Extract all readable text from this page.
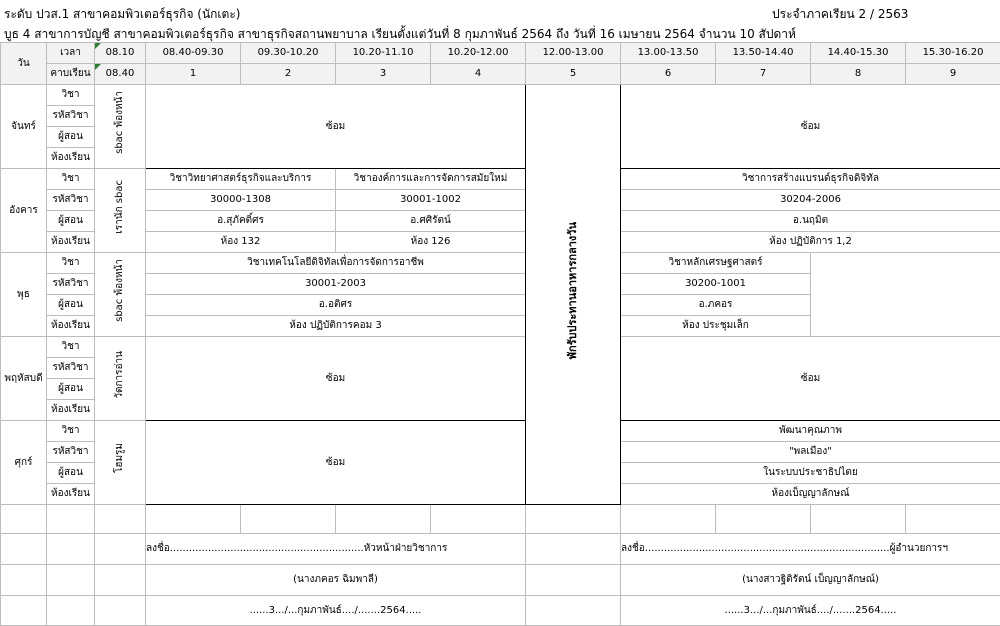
ระดับ ปวส.1 สาขาคอมพิวเตอร์ธุรกิจ (นักเตะ)	ประจำภาคเรียน 2 / 2563
บูธ 4 สาขาการบัญชี สาขาคอมพิวเตอร์ธุรกิจ สาขาธุรกิจสถานพยาบาล เรียนตั้งแต่วันที่ 8 กุมภาพันธ์ 2564 ถึง วันที่ 16 เมษายน 2564 จำนวน 10 สัปดาห์
วัน	เวลา	08.10	08.40-09.30	09.30-10.20	10.20-11.10	10.20-12.00	12.00-13.00	13.00-13.50	13.50-14.40	14.40-15.30	15.30-16.20
	คาบเรียน	08.40	1	2	3	4	5	6	7	8	9
จันทร์	วิชา	sbac พ้องหน้า	ซ้อม				พักรับประทานอาหารกลางวัน	ซ้อม			
	รหัสวิชา										
	ผู้สอน										
	ห้องเรียน										
อังคาร	วิชา	เรานัก sbac	วิชาวิทยาศาสตร์ธุรกิจและบริการ		วิชาองค์การและการจัดการสมัยใหม่			วิชาการสร้างแบรนด์ธุรกิจดิจิทัล			
	รหัสวิชา		30000-1308		30001-1002			30204-2006			
	ผู้สอน		อ.สุภัคติ์ศร		อ.ศศิรัตน์			อ.นฤมิต			
	ห้องเรียน		ห้อง 132		ห้อง 126			ห้อง ปฏิบัติการ 1,2			
พุธ	วิชา	sbac พ้องหน้า	วิชาเทคโนโลยีดิจิทัลเพื่อการจัดการอาชีพ					วิชาหลักเศรษฐศาสตร์			
	รหัสวิชา		30001-2003					30200-1001			
	ผู้สอน		อ.อติศร					อ.ภคอร			
	ห้องเรียน		ห้อง ปฏิบัติการคอม 3					ห้อง ประชุมเล็ก			
พฤหัสบดี	วิชา	วัดการอ่าน	ซ้อม					ซ้อม			
	รหัสวิชา										
	ผู้สอน										
	ห้องเรียน										
ศุกร์	วิชา	โฮมรูม	ซ้อม					พัฒนาคุณภาพ			
	รหัสวิชา							"พลเมือง"			
	ผู้สอน							ในระบบประชาธิปไตย			
	ห้องเรียน							ห้องเบ็ญญาลักษณ์			

			ลงชื่อ.............................................................หัวหน้าฝ่ายวิชาการ					ลงชื่อ.............................................................................ผู้อำนวยการฯ			
			(นางภคอร ฉิมพาลี)					(นางสาวฐิติรัตน์ เบ็ญญาลักษณ์)			
			......3.../...กุมภาพันธ์..../.......2564.....					......3.../...กุมภาพันธ์..../.......2564.....			
